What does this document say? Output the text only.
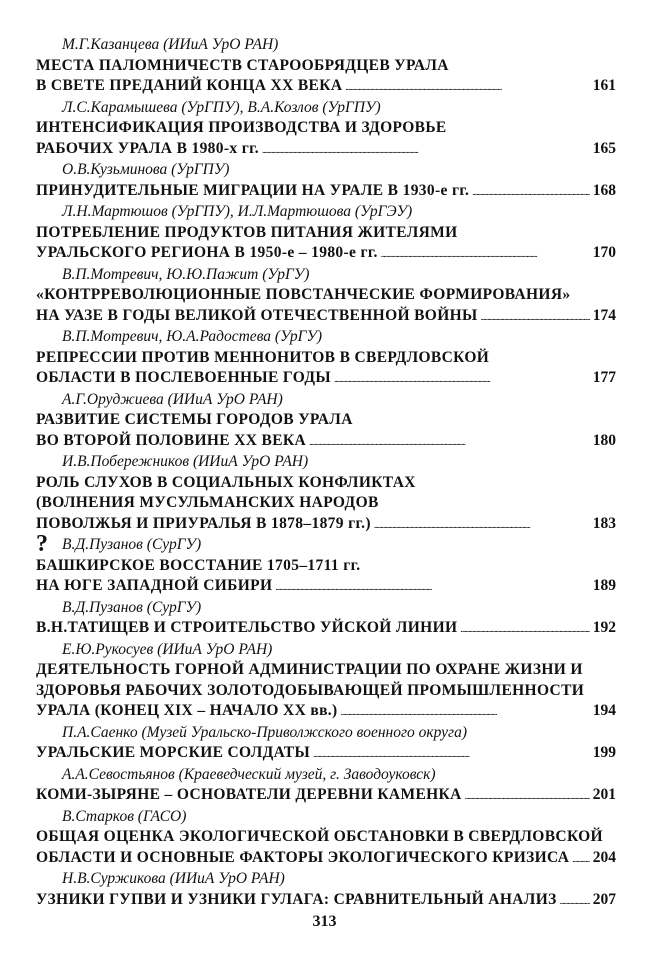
М.Г.Казанцева (ИИиА УрО РАН)
МЕСТА ПАЛОМНИЧЕСТВ СТАРООБРЯДЦЕВ УРАЛА
В СВЕТЕ ПРЕДАНИЙ КОНЦА XX ВЕКА . . .	161
Л.С.Карамышева (УрГПУ), В.А.Козлов (УрГПУ)
ИНТЕНСИФИКАЦИЯ ПРОИЗВОДСТВА И ЗДОРОВЬЕ
РАБОЧИХ УРАЛА В 1980-х гг. . . .	165
О.В.Кузьминова (УрГПУ)
ПРИНУДИТЕЛЬНЫЕ МИГРАЦИИ НА УРАЛЕ В 1930-е гг. . . .	168
Л.Н.Мартюшов (УрГПУ), И.Л.Мартюшова (УрГЭУ)
ПОТРЕБЛЕНИЕ ПРОДУКТОВ ПИТАНИЯ ЖИТЕЛЯМИ
УРАЛЬСКОГО РЕГИОНА В 1950-е – 1980-е гг. . . .	170
В.П.Мотревич, Ю.Ю.Пажит (УрГУ)
«КОНТРРЕВОЛЮЦИОННЫЕ ПОВСТАНЧЕСКИЕ ФОРМИРОВАНИЯ»
НА УАЗЕ В ГОДЫ ВЕЛИКОЙ ОТЕЧЕСТВЕННОЙ ВОЙНЫ . . .	174
В.П.Мотревич, Ю.А.Радостева (УрГУ)
РЕПРЕССИИ ПРОТИВ МЕННОНИТОВ В СВЕРДЛОВСКОЙ
ОБЛАСТИ В ПОСЛЕВОЕННЫЕ ГОДЫ . . .	177
А.Г.Оруджиева (ИИиА УрО РАН)
РАЗВИТИЕ СИСТЕМЫ ГОРОДОВ УРАЛА
ВО ВТОРОЙ ПОЛОВИНЕ XX ВЕКА . . .	180
И.В.Побережников (ИИиА УрО РАН)
РОЛЬ СЛУХОВ В СОЦИАЛЬНЫХ КОНФЛИКТАХ
(ВОЛНЕНИЯ МУСУЛЬМАНСКИХ НАРОДОВ
ПОВОЛЖЬЯ И ПРИУРАЛЬЯ В 1878–1879 гг.) . . .	183
? В.Д.Пузанов (СурГУ)
БАШКИРСКОЕ ВОССТАНИЕ 1705–1711 гг.
НА ЮГЕ ЗАПАДНОЙ СИБИРИ . . .	189
В.Д.Пузанов (СурГУ)
В.Н.ТАТИЩЕВ И СТРОИТЕЛЬСТВО УЙСКОЙ ЛИНИИ . . .	192
Е.Ю.Рукосуев (ИИиА УрО РАН)
ДЕЯТЕЛЬНОСТЬ ГОРНОЙ АДМИНИСТРАЦИИ ПО ОХРАНЕ ЖИЗНИ И
ЗДОРОВЬЯ РАБОЧИХ ЗОЛОТОДОБЫВАЮЩЕЙ ПРОМЫШЛЕННОСТИ
УРАЛА (КОНЕЦ XIX – НАЧАЛО XX вв.) . . .	194
П.А.Саенко (Музей Уральско-Приволжского военного округа)
УРАЛЬСКИЕ МОРСКИЕ СОЛДАТЫ . . .	199
А.А.Севостьянов (Краеведческий музей, г. Заводоуковск)
КОМИ-ЗЫРЯНЕ – ОСНОВАТЕЛИ ДЕРЕВНИ КАМЕНКА . . .	201
В.Старков (ГАСО)
ОБЩАЯ ОЦЕНКА ЭКОЛОГИЧЕСКОЙ ОБСТАНОВКИ В СВЕРДЛОВСКОЙ
ОБЛАСТИ И ОСНОВНЫЕ ФАКТОРЫ ЭКОЛОГИЧЕСКОГО КРИЗИСА . . . 204
Н.В.Суржикова (ИИиА УрО РАН)
УЗНИКИ ГУПВИ И УЗНИКИ ГУЛАГА: СРАВНИТЕЛЬНЫЙ АНАЛИЗ . . . 207
313
